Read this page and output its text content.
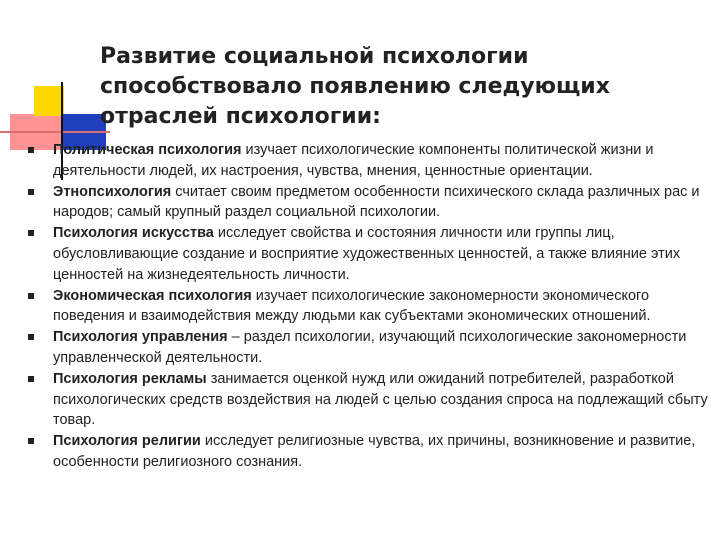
Развитие социальной психологии
способствовало появлению следующих
отраслей психологии:
Политическая психология изучает психологические компоненты политической жизни и деятельности людей, их настроения, чувства, мнения, ценностные ориентации.
Этнопсихология считает своим предметом особенности психического склада различных рас и народов; самый крупный раздел социальной психологии.
Психология искусства исследует свойства и состояния личности или группы лиц, обусловливающие создание и восприятие художественных ценностей, а также влияние этих ценностей на жизнедеятельность личности.
Экономическая психология изучает психологические закономерности экономического поведения и взаимодействия между людьми как субъектами экономических отношений.
Психология управления – раздел психологии, изучающий психологические закономерности управленческой деятельности.
Психология рекламы занимается оценкой нужд или ожиданий потребителей, разработкой психологических средств воздействия на людей с целью создания спроса на подлежащий сбыту товар.
Психология религии исследует религиозные чувства, их причины, возникновение и развитие, особенности религиозного сознания.
